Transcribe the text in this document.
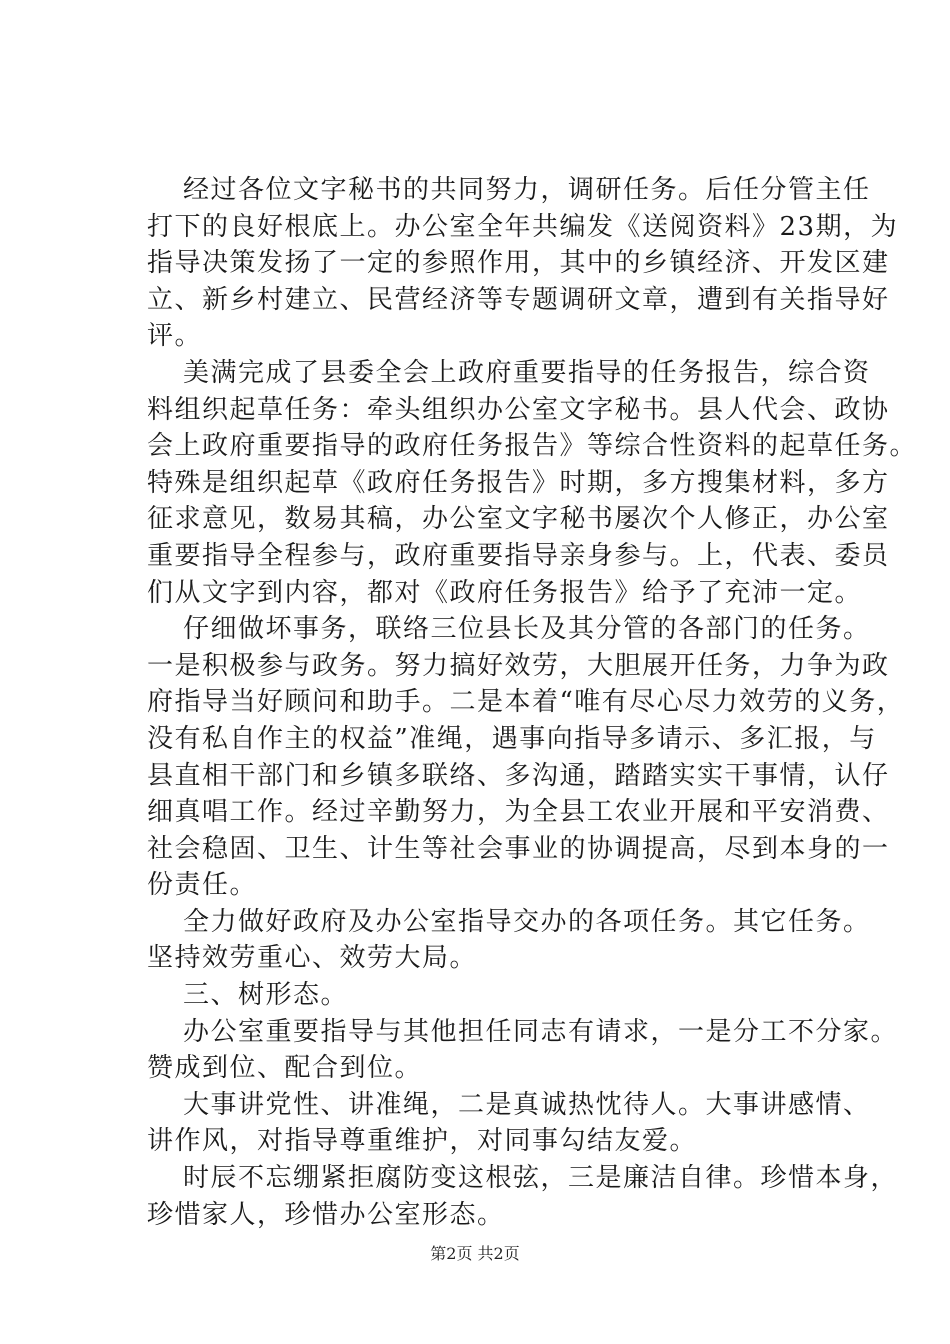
经过各位文字秘书的共同努力，调研任务。后任分管主任
打下的良好根底上。办公室全年共编发《送阅资料》23期，为
指导决策发扬了一定的参照作用，其中的乡镇经济、开发区建
立、新乡村建立、民营经济等专题调研文章，遭到有关指导好
评。
美满完成了县委全会上政府重要指导的任务报告，综合资
料组织起草任务：牵头组织办公室文字秘书。县人代会、政协
会上政府重要指导的政府任务报告》等综合性资料的起草任务。
特殊是组织起草《政府任务报告》时期，多方搜集材料，多方
征求意见，数易其稿，办公室文字秘书屡次个人修正，办公室
重要指导全程参与，政府重要指导亲身参与。上，代表、委员
们从文字到内容，都对《政府任务报告》给予了充沛一定。
仔细做坏事务，联络三位县长及其分管的各部门的任务。
一是积极参与政务。努力搞好效劳，大胆展开任务，力争为政
府指导当好顾问和助手。二是本着“唯有尽心尽力效劳的义务，
没有私自作主的权益”准绳，遇事向指导多请示、多汇报，与
县直相干部门和乡镇多联络、多沟通，踏踏实实干事情，认仔
细真唱工作。经过辛勤努力，为全县工农业开展和平安消费、
社会稳固、卫生、计生等社会事业的协调提高，尽到本身的一
份责任。
全力做好政府及办公室指导交办的各项任务。其它任务。
坚持效劳重心、效劳大局。
三、树形态。
办公室重要指导与其他担任同志有请求，一是分工不分家。
赞成到位、配合到位。
大事讲党性、讲准绳，二是真诚热忱待人。大事讲感情、
讲作风，对指导尊重维护，对同事勾结友爱。
时辰不忘绷紧拒腐防变这根弦，三是廉洁自律。珍惜本身，
珍惜家人，珍惜办公室形态。
第2页 共2页
